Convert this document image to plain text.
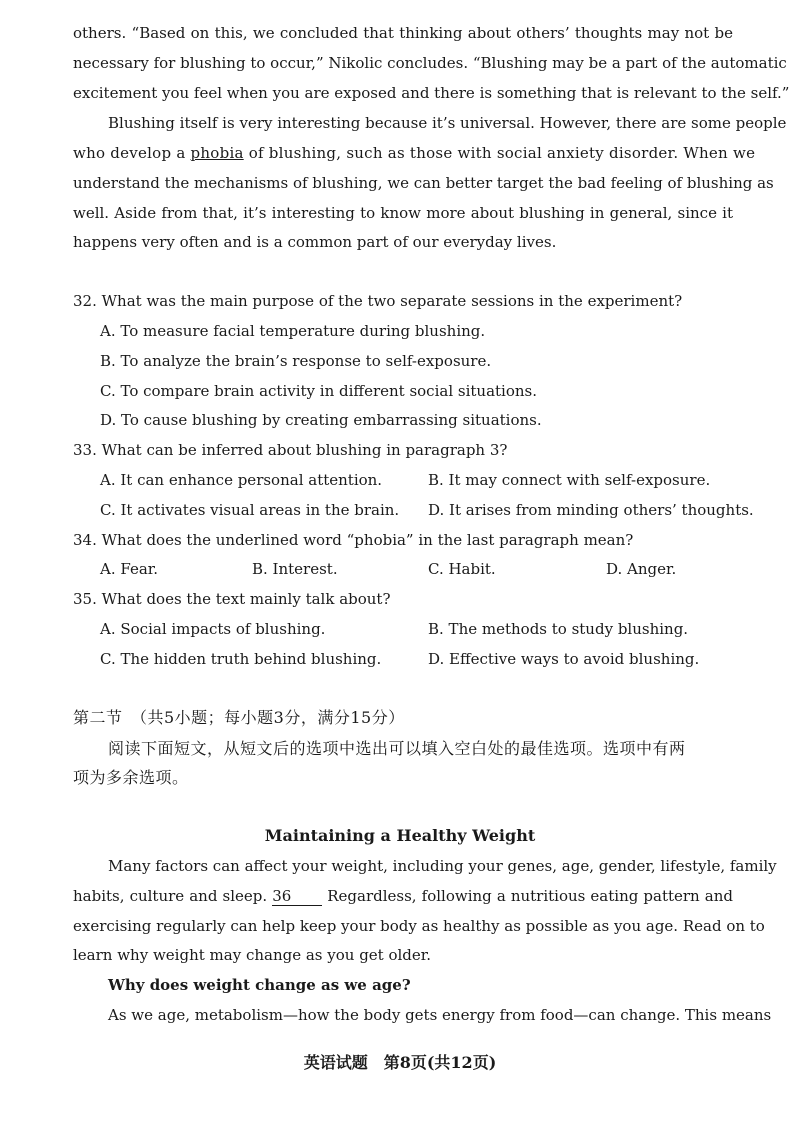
others. “Based on this, we concluded that thinking about others’ thoughts may not be
necessary for blushing to occur,” Nikolic concludes. “Blushing may be a part of the automatic
excitement you feel when you are exposed and there is something that is relevant to the self.”
Blushing itself is very interesting because it’s universal. However, there are some people
who develop a phobia of blushing, such as those with social anxiety disorder. When we
understand the mechanisms of blushing, we can better target the bad feeling of blushing as
well. Aside from that, it’s interesting to know more about blushing in general, since it
happens very often and is a common part of our everyday lives.
32. What was the main purpose of the two separate sessions in the experiment?
A. To measure facial temperature during blushing.
B. To analyze the brain’s response to self-exposure.
C. To compare brain activity in different social situations.
D. To cause blushing by creating embarrassing situations.
33. What can be inferred about blushing in paragraph 3?
A. It can enhance personal attention.	B. It may connect with self-exposure.
C. It activates visual areas in the brain. D. It arises from minding others’ thoughts.
34. What does the underlined word “phobia” in the last paragraph mean?
A. Fear.	B. Interest.	C. Habit.	D. Anger.
35. What does the text mainly talk about?
A. Social impacts of blushing.	B. The methods to study blushing.
C. The hidden truth behind blushing.	D. Effective ways to avoid blushing.
第二节　（共5小题；每小题3分，满分15分）
阅读下面短文，从短文后的选项中选出可以填入空白处的最佳选项。选项中有两
项为多余选项。
Maintaining a Healthy Weight
Many factors can affect your weight, including your genes, age, gender, lifestyle, family
habits, culture and sleep. 36 Regardless, following a nutritious eating pattern and
exercising regularly can help keep your body as healthy as possible as you age. Read on to
learn why weight may change as you get older.
Why does weight change as we age?
As we age, metabolism—how the body gets energy from food—can change. This means
英语试题　第8页(共12页)
